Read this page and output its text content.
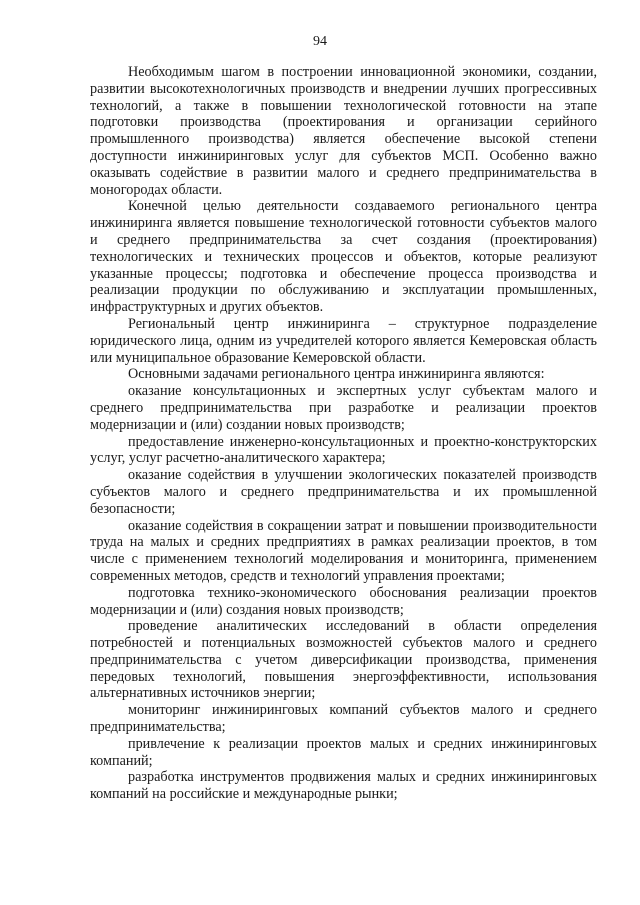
94

Необходимым шагом в построении инновационной экономики, создании, развитии высокотехнологичных производств и внедрении лучших прогрессивных технологий, а также в повышении технологической готовности на этапе подготовки производства (проектирования и организации серийного промышленного производства) является обеспечение высокой степени доступности инжиниринговых услуг для субъектов МСП. Особенно важно оказывать содействие в развитии малого и среднего предпринимательства в моногородах области.

Конечной целью деятельности создаваемого регионального центра инжиниринга является повышение технологической готовности субъектов малого и среднего предпринимательства за счет создания (проектирования) технологических и технических процессов и объектов, которые реализуют указанные процессы; подготовка и обеспечение процесса производства и реализации продукции по обслуживанию и эксплуатации промышленных, инфраструктурных и других объектов.

Региональный центр инжиниринга – структурное подразделение юридического лица, одним из учредителей которого является Кемеровская область или муниципальное образование Кемеровской области.

Основными задачами регионального центра инжиниринга являются:

оказание консультационных и экспертных услуг субъектам малого и среднего предпринимательства при разработке и реализации проектов модернизации и (или) создании новых производств;

предоставление инженерно-консультационных и проектно-конструкторских услуг, услуг расчетно-аналитического характера;

оказание содействия в улучшении экологических показателей производств субъектов малого и среднего предпринимательства и их промышленной безопасности;

оказание содействия в сокращении затрат и повышении производительности труда на малых и средних предприятиях в рамках реализации проектов, в том числе с применением технологий моделирования и мониторинга, применением современных методов, средств и технологий управления проектами;

подготовка технико-экономического обоснования реализации проектов модернизации и (или) создания новых производств;

проведение аналитических исследований в области определения потребностей и потенциальных возможностей субъектов малого и среднего предпринимательства с учетом диверсификации производства, применения передовых технологий, повышения энергоэффективности, использования альтернативных источников энергии;

мониторинг инжиниринговых компаний субъектов малого и среднего предпринимательства;

привлечение к реализации проектов малых и средних инжиниринговых компаний;

разработка инструментов продвижения малых и средних инжиниринговых компаний на российские и международные рынки;
